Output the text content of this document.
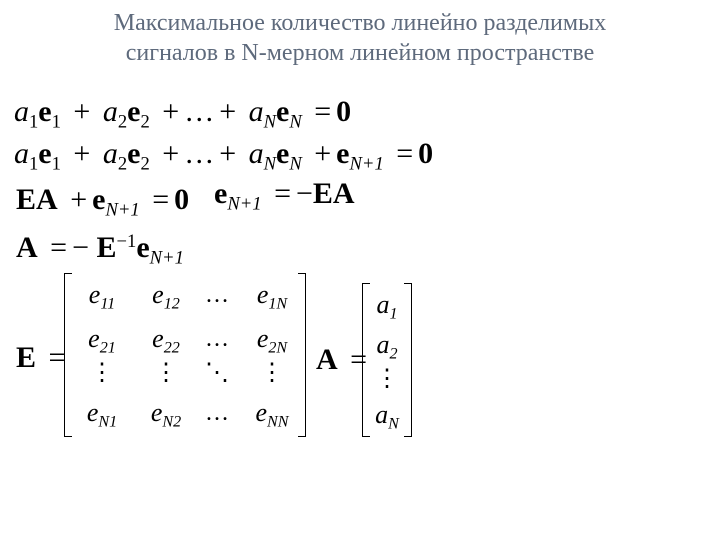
Максимальное количество линейно разделимых
сигналов в N-мерном линейном пространстве
$a_1e_1 + a_2e_2$ + … + $a_Ne_N = 0$
$a_1e_1 + a_2e_2$ + … + $a_Ne_N + e_{N+1} = 0$
EA + $e_{N+1} = 0$ $e_{N+1} = -EA$
A = − $E^{-1}e_{N+1}$
E =
$e_{11}$	$e_{12}$	…	$e_{1N}$
$e_{21}$	$e_{22}$	…	$e_{2N}$
⋮	⋮	⋱	⋮
$e_{N1}$	$e_{N2}$ …	$e_{NN}$
A =
$a_1$
$a_2$
⋮
$a_N$
